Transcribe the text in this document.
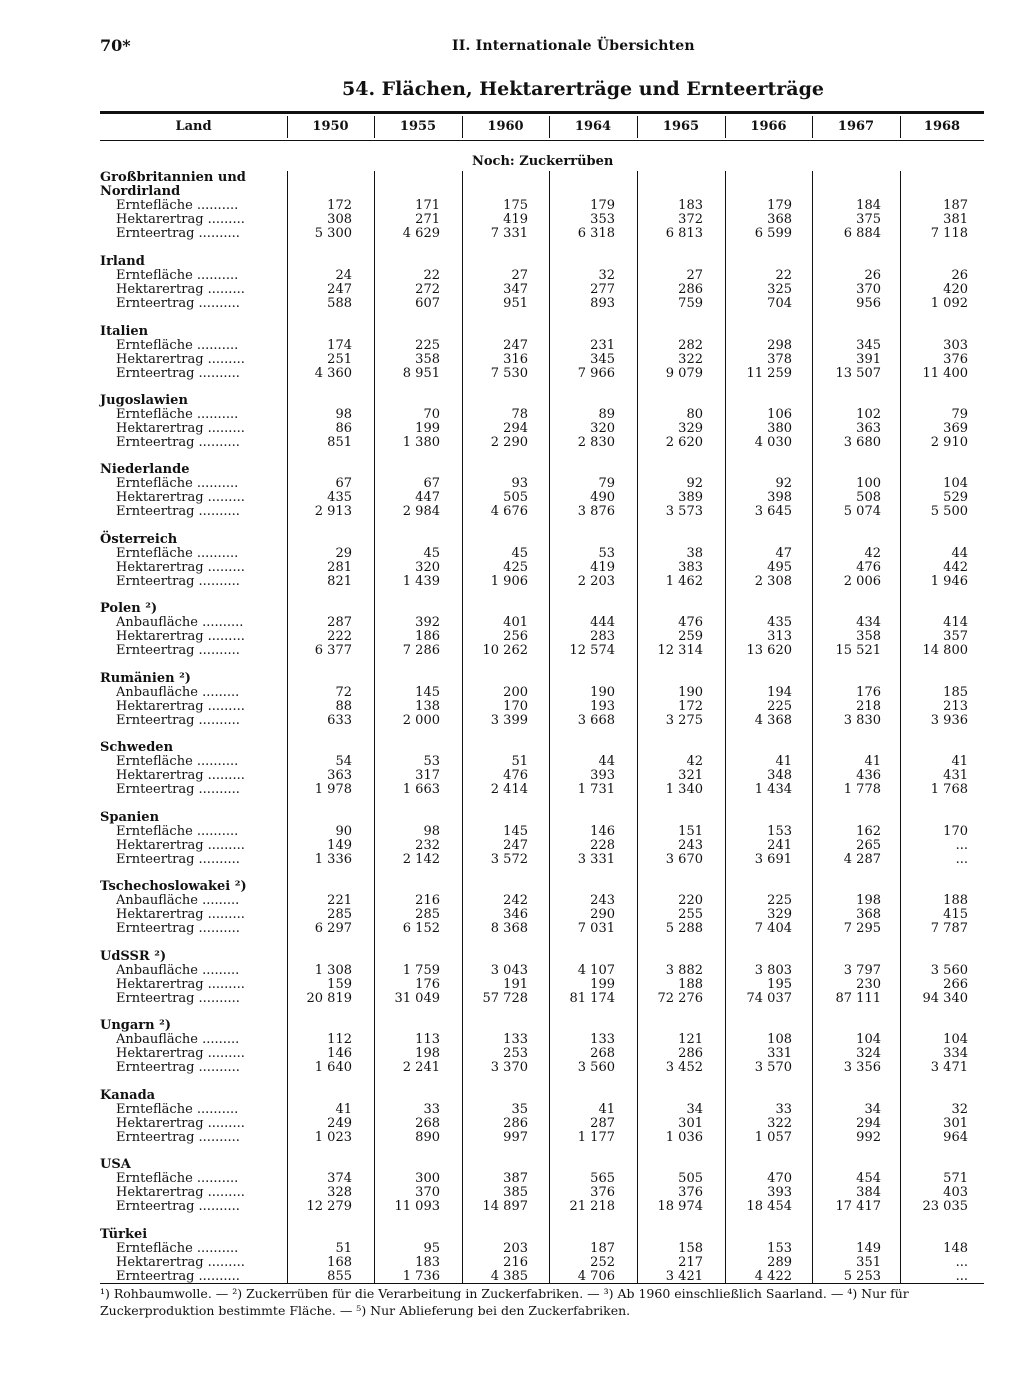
70*	II. Internationale Übersichten
54. Flächen, Hektarerträge und Ernteerträge
Land	1950	1955	1960	1964	1965	1966	1967	1968
Noch: Zuckerrüben
Großbritannien und
Nordirland
Erntefläche ..........	172	171	175	179	183	179	184	187
Hektarertrag .........	308	271	419	353	372	368	375	381
Ernteertrag ..........	5 300	4 629	7 331	6 318	6 813	6 599	6 884	7 118
Irland
Erntefläche ..........	24	22	27	32	27	22	26	26
Hektarertrag .........	247	272	347	277	286	325	370	420
Ernteertrag ..........	588	607	951	893	759	704	956	1 092
Italien
Erntefläche ..........	174	225	247	231	282	298	345	303
Hektarertrag .........	251	358	316	345	322	378	391	376
Ernteertrag ..........	4 360	8 951	7 530	7 966	9 079	11 259	13 507	11 400
Jugoslawien
Erntefläche ..........	98	70	78	89	80	106	102	79
Hektarertrag .........	86	199	294	320	329	380	363	369
Ernteertrag ..........	851	1 380	2 290	2 830	2 620	4 030	3 680	2 910
Niederlande
Erntefläche ..........	67	67	93	79	92	92	100	104
Hektarertrag .........	435	447	505	490	389	398	508	529
Ernteertrag ..........	2 913	2 984	4 676	3 876	3 573	3 645	5 074	5 500
Österreich
Erntefläche ..........	29	45	45	53	38	47	42	44
Hektarertrag .........	281	320	425	419	383	495	476	442
Ernteertrag ..........	821	1 439	1 906	2 203	1 462	2 308	2 006	1 946
Polen ²)
Anbaufläche ..........	287	392	401	444	476	435	434	414
Hektarertrag .........	222	186	256	283	259	313	358	357
Ernteertrag ..........	6 377	7 286	10 262	12 574	12 314	13 620	15 521	14 800
Rumänien ²)
Anbaufläche .........	72	145	200	190	190	194	176	185
Hektarertrag .........	88	138	170	193	172	225	218	213
Ernteertrag ..........	633	2 000	3 399	3 668	3 275	4 368	3 830	3 936
Schweden
Erntefläche ..........	54	53	51	44	42	41	41	41
Hektarertrag .........	363	317	476	393	321	348	436	431
Ernteertrag ..........	1 978	1 663	2 414	1 731	1 340	1 434	1 778	1 768
Spanien
Erntefläche ..........	90	98	145	146	151	153	162	170
Hektarertrag .........	149	232	247	228	243	241	265	...
Ernteertrag ..........	1 336	2 142	3 572	3 331	3 670	3 691	4 287	...
Tschechoslowakei ²)
Anbaufläche .........	221	216	242	243	220	225	198	188
Hektarertrag .........	285	285	346	290	255	329	368	415
Ernteertrag ..........	6 297	6 152	8 368	7 031	5 288	7 404	7 295	7 787
UdSSR ²)
Anbaufläche .........	1 308	1 759	3 043	4 107	3 882	3 803	3 797	3 560
Hektarertrag .........	159	176	191	199	188	195	230	266
Ernteertrag ..........	20 819	31 049	57 728	81 174	72 276	74 037	87 111	94 340
Ungarn ²)
Anbaufläche .........	112	113	133	133	121	108	104	104
Hektarertrag .........	146	198	253	268	286	331	324	334
Ernteertrag ..........	1 640	2 241	3 370	3 560	3 452	3 570	3 356	3 471
Kanada
Erntefläche ..........	41	33	35	41	34	33	34	32
Hektarertrag .........	249	268	286	287	301	322	294	301
Ernteertrag ..........	1 023	890	997	1 177	1 036	1 057	992	964
USA
Erntefläche ..........	374	300	387	565	505	470	454	571
Hektarertrag .........	328	370	385	376	376	393	384	403
Ernteertrag ..........	12 279	11 093	14 897	21 218	18 974	18 454	17 417	23 035
Türkei
Erntefläche ..........	51	95	203	187	158	153	149	148
Hektarertrag .........	168	183	216	252	217	289	351	...
Ernteertrag ..........	855	1 736	4 385	4 706	3 421	4 422	5 253	...
¹) Rohbaumwolle. — ²) Zuckerrüben für die Verarbeitung in Zuckerfabriken. — ³) Ab 1960 einschließlich Saarland. — ⁴) Nur für
Zuckerproduktion bestimmte Fläche. — ⁵) Nur Ablieferung bei den Zuckerfabriken.
